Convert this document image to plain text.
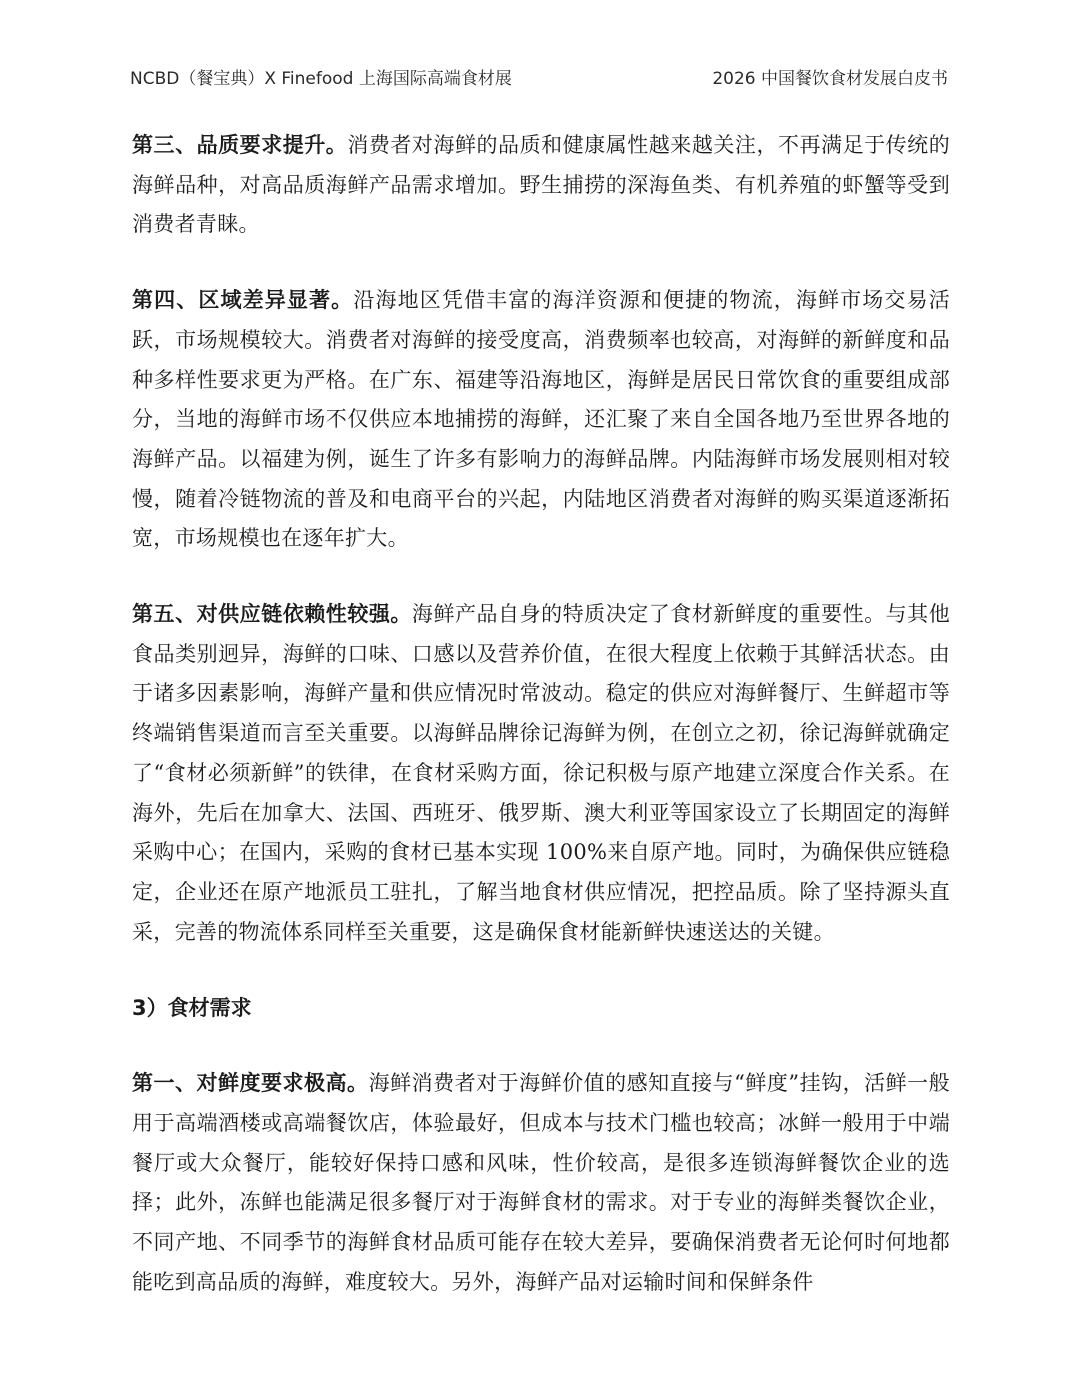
NCBD（餐宝典）X Finefood 上海国际高端食材展	2026 中国餐饮食材发展白皮书

第三、品质要求提升。消费者对海鲜的品质和健康属性越来越关注，不再满足于传统的海鲜品种，对高品质海鲜产品需求增加。野生捕捞的深海鱼类、有机养殖的虾蟹等受到消费者青睐。

第四、区域差异显著。沿海地区凭借丰富的海洋资源和便捷的物流，海鲜市场交易活跃，市场规模较大。消费者对海鲜的接受度高，消费频率也较高，对海鲜的新鲜度和品种多样性要求更为严格。在广东、福建等沿海地区，海鲜是居民日常饮食的重要组成部分，当地的海鲜市场不仅供应本地捕捞的海鲜，还汇聚了来自全国各地乃至世界各地的海鲜产品。以福建为例，诞生了许多有影响力的海鲜品牌。内陆海鲜市场发展则相对较慢，随着冷链物流的普及和电商平台的兴起，内陆地区消费者对海鲜的购买渠道逐渐拓宽，市场规模也在逐年扩大。

第五、对供应链依赖性较强。海鲜产品自身的特质决定了食材新鲜度的重要性。与其他食品类别迥异，海鲜的口味、口感以及营养价值，在很大程度上依赖于其鲜活状态。由于诸多因素影响，海鲜产量和供应情况时常波动。稳定的供应对海鲜餐厅、生鲜超市等终端销售渠道而言至关重要。以海鲜品牌徐记海鲜为例，在创立之初，徐记海鲜就确定了“食材必须新鲜”的铁律，在食材采购方面，徐记积极与原产地建立深度合作关系。在海外，先后在加拿大、法国、西班牙、俄罗斯、澳大利亚等国家设立了长期固定的海鲜采购中心；在国内，采购的食材已基本实现 100%来自原产地。同时，为确保供应链稳定，企业还在原产地派员工驻扎，了解当地食材供应情况，把控品质。除了坚持源头直采，完善的物流体系同样至关重要，这是确保食材能新鲜快速送达的关键。

3）食材需求

第一、对鲜度要求极高。海鲜消费者对于海鲜价值的感知直接与“鲜度”挂钩，活鲜一般用于高端酒楼或高端餐饮店，体验最好，但成本与技术门槛也较高；冰鲜一般用于中端餐厅或大众餐厅，能较好保持口感和风味，性价较高，是很多连锁海鲜餐饮企业的选择；此外，冻鲜也能满足很多餐厅对于海鲜食材的需求。对于专业的海鲜类餐饮企业，不同产地、不同季节的海鲜食材品质可能存在较大差异，要确保消费者无论何时何地都能吃到高品质的海鲜，难度较大。另外，海鲜产品对运输时间和保鲜条件
